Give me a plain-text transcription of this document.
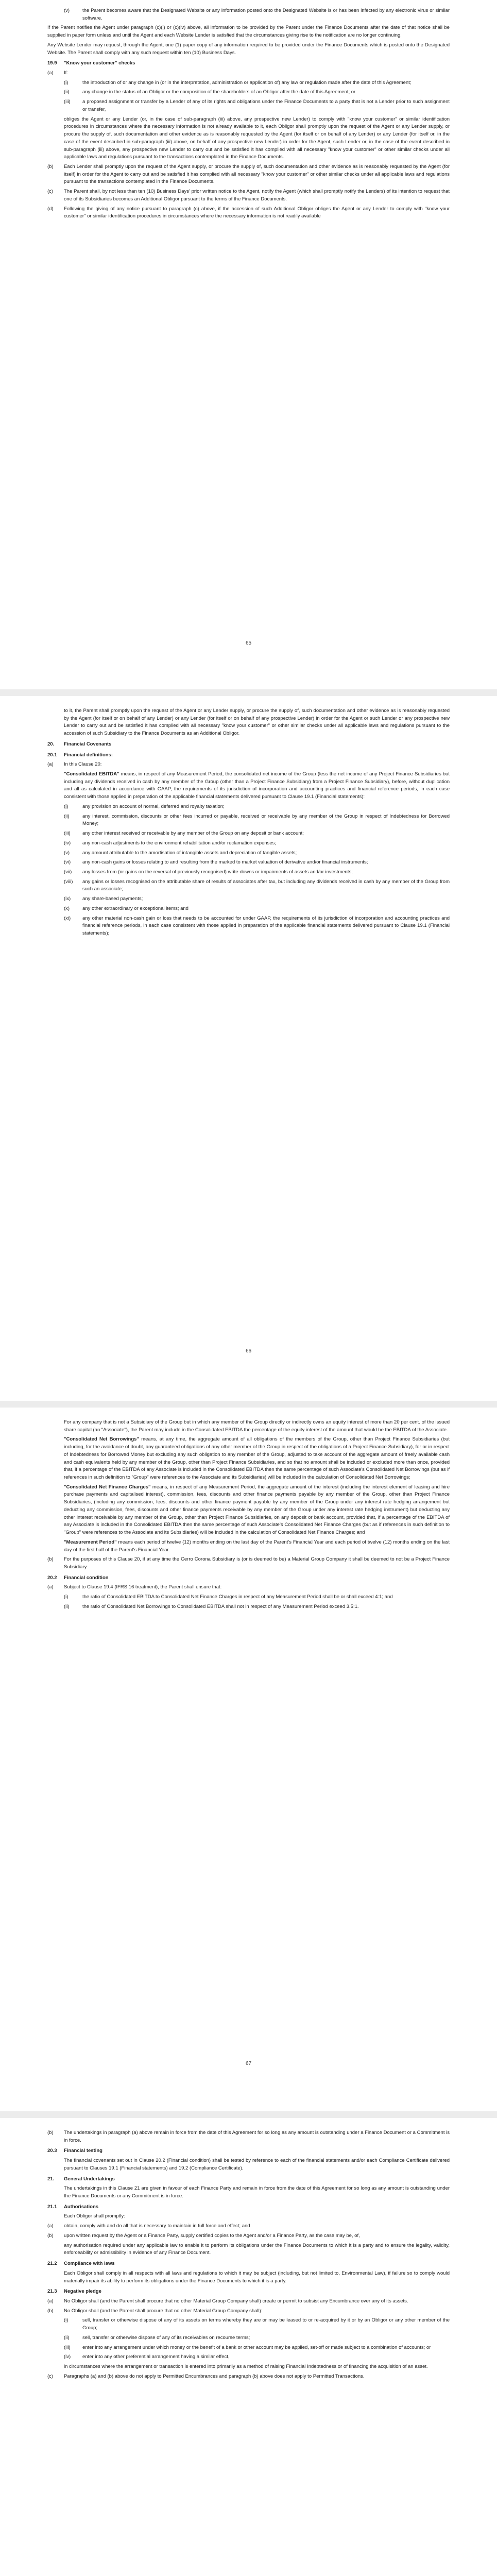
(v)	the Parent becomes aware that the Designated Website or any information posted onto the Designated Website is or has been infected by any electronic virus or similar software.

If the Parent notifies the Agent under paragraph (c)(i) or (c)(iv) above, all information to be provided by the Parent under the Finance Documents after the date of that notice shall be supplied in paper form unless and until the Agent and each Website Lender is satisfied that the circumstances giving rise to the notification are no longer continuing.

Any Website Lender may request, through the Agent, one (1) paper copy of any information required to be provided under the Finance Documents which is posted onto the Designated Website. The Parent shall comply with any such request within ten (10) Business Days.

19.9	"Know your customer" checks
(a)	If:
(i)	the introduction of or any change in (or in the interpretation, administration or application of) any law or regulation made after the date of this Agreement;
(ii)	any change in the status of an Obligor or the composition of the shareholders of an Obligor after the date of this Agreement; or
(iii)	a proposed assignment or transfer by a Lender of any of its rights and obligations under the Finance Documents to a party that is not a Lender prior to such assignment or transfer,

obliges the Agent or any Lender (or, in the case of sub-paragraph (iii) above, any prospective new Lender) to comply with "know your customer" or similar identification procedures in circumstances where the necessary information is not already available to it, each Obligor shall promptly upon the request of the Agent or any Lender supply, or procure the supply of, such documentation and other evidence as is reasonably requested by the Agent (for itself or on behalf of any Lender) or any Lender (for itself or, in the case of the event described in sub-paragraph (iii) above, on behalf of any prospective new Lender) in order for the Agent, such Lender or, in the case of the event described in sub-paragraph (iii) above, any prospective new Lender to carry out and be satisfied it has complied with all necessary "know your customer" or other similar checks under all applicable laws and regulations pursuant to the transactions contemplated in the Finance Documents.

(b)	Each Lender shall promptly upon the request of the Agent supply, or procure the supply of, such documentation and other evidence as is reasonably requested by the Agent (for itself) in order for the Agent to carry out and be satisfied it has complied with all necessary "know your customer" or other similar checks under all applicable laws and regulations pursuant to the transactions contemplated in the Finance Documents.
(c)	The Parent shall, by not less than ten (10) Business Days' prior written notice to the Agent, notify the Agent (which shall promptly notify the Lenders) of its intention to request that one of its Subsidiaries becomes an Additional Obligor pursuant to the terms of the Finance Documents.
(d)	Following the giving of any notice pursuant to paragraph (c) above, if the accession of such Additional Obligor obliges the Agent or any Lender to comply with "know your customer" or similar identification procedures in circumstances where the necessary information is not readily available
65

to it, the Parent shall promptly upon the request of the Agent or any Lender supply, or procure the supply of, such documentation and other evidence as is reasonably requested by the Agent (for itself or on behalf of any Lender) or any Lender (for itself or on behalf of any prospective Lender) in order for the Agent or such Lender or any prospective new Lender to carry out and be satisfied it has complied with all necessary "know your customer" or other similar checks under all applicable laws and regulations pursuant to the accession of such Subsidiary to the Finance Documents as an Additional Obligor.

20.	Financial Covenants
20.1	Financial definitions:
(a)	In this Clause 20:

"Consolidated EBITDA" means, in respect of any Measurement Period, the consolidated net income of the Group (less the net income of any Project Finance Subsidiaries but including any dividends received in cash by any member of the Group (other than a Project Finance Subsidiary) from a Project Finance Subsidiary), before, without duplication and all as calculated in accordance with GAAP, the requirements of its jurisdiction of incorporation and accounting practices and financial reference periods, in each case consistent with those applied in preparation of the applicable financial statements delivered pursuant to Clause 19.1 (Financial statements):

(i)	any provision on account of normal, deferred and royalty taxation;
(ii)	any interest, commission, discounts or other fees incurred or payable, received or receivable by any member of the Group in respect of Indebtedness for Borrowed Money;
(iii)	any other interest received or receivable by any member of the Group on any deposit or bank account;
(iv)	any non-cash adjustments to the environment rehabilitation and/or reclamation expenses;
(v)	any amount attributable to the amortisation of intangible assets and depreciation of tangible assets;
(vi)	any non-cash gains or losses relating to and resulting from the marked to market valuation of derivative and/or financial instruments;
(vii)	any losses from (or gains on the reversal of previously recognised) write-downs or impairments of assets and/or investments;
(viii)	any gains or losses recognised on the attributable share of results of associates after tax, but including any dividends received in cash by any member of the Group from such an associate;
(ix)	any share-based payments;
(x)	any other extraordinary or exceptional items; and
(xi)	any other material non-cash gain or loss that needs to be accounted for under GAAP, the requirements of its jurisdiction of incorporation and accounting practices and financial reference periods, in each case consistent with those applied in preparation of the applicable financial statements delivered pursuant to Clause 19.1 (Financial statements);
66

For any company that is not a Subsidiary of the Group but in which any member of the Group directly or indirectly owns an equity interest of more than 20 per cent. of the issued share capital (an "Associate"), the Parent may include in the Consolidated EBITDA the percentage of the equity interest of the amount that would be the EBITDA of the Associate.

"Consolidated Net Borrowings" means, at any time, the aggregate amount of all obligations of the members of the Group, other than Project Finance Subsidiaries (but including, for the avoidance of doubt, any guaranteed obligations of any other member of the Group in respect of the obligations of a Project Finance Subsidiary), for or in respect of Indebtedness for Borrowed Money but excluding any such obligation to any member of the Group, adjusted to take account of the aggregate amount of freely available cash and cash equivalents held by any member of the Group, other than Project Finance Subsidiaries, and so that no amount shall be included or excluded more than once, provided that, if a percentage of the EBITDA of any Associate is included in the Consolidated EBITDA then the same percentage of such Associate's Consolidated Net Borrowings (but as if references in such definition to "Group" were references to the Associate and its Subsidiaries) will be included in the calculation of Consolidated Net Borrowings;

"Consolidated Net Finance Charges" means, in respect of any Measurement Period, the aggregate amount of the interest (including the interest element of leasing and hire purchase payments and capitalised interest), commission, fees, discounts and other finance payments payable by any member of the Group, other than Project Finance Subsidiaries, (including any commission, fees, discounts and other finance payment payable by any member of the Group under any interest rate hedging arrangement but deducting any commission, fees, discounts and other finance payments receivable by any member of the Group under any interest rate hedging instrument) but deducting any other interest receivable by any member of the Group, other than Project Finance Subsidiaries, on any deposit or bank account, provided that, if a percentage of the EBITDA of any Associate is included in the Consolidated EBITDA then the same percentage of such Associate's Consolidated Net Finance Charges (but as if references in such definition to "Group" were references to the Associate and its Subsidiaries) will be included in the calculation of Consolidated Net Finance Charges; and

"Measurement Period" means each period of twelve (12) months ending on the last day of the Parent's Financial Year and each period of twelve (12) months ending on the last day of the first half of the Parent's Financial Year.

(b)	For the purposes of this Clause 20, if at any time the Cerro Corona Subsidiary is (or is deemed to be) a Material Group Company it shall be deemed to not be a Project Finance Subsidiary.
20.2	Financial condition
(a)	Subject to Clause 19.4 (IFRS 16 treatment), the Parent shall ensure that:
(i)	the ratio of Consolidated EBITDA to Consolidated Net Finance Charges in respect of any Measurement Period shall be or shall exceed 4:1; and
(ii)	the ratio of Consolidated Net Borrowings to Consolidated EBITDA shall not in respect of any Measurement Period exceed 3.5:1.
67
(b)	The undertakings in paragraph (a) above remain in force from the date of this Agreement for so long as any amount is outstanding under a Finance Document or a Commitment is in force.
20.3	Financial testing

The financial covenants set out in Clause 20.2 (Financial condition) shall be tested by reference to each of the financial statements and/or each Compliance Certificate delivered pursuant to Clauses 19.1 (Financial statements) and 19.2 (Compliance Certificate).

21.	General Undertakings

The undertakings in this Clause 21 are given in favour of each Finance Party and remain in force from the date of this Agreement for so long as any amount is outstanding under the Finance Documents or any Commitment is in force.

21.1	Authorisations

Each Obligor shall promptly:

(a)	obtain, comply with and do all that is necessary to maintain in full force and effect; and
(b)	upon written request by the Agent or a Finance Party, supply certified copies to the Agent and/or a Finance Party, as the case may be, of,

any authorisation required under any applicable law to enable it to perform its obligations under the Finance Documents to which it is a party and to ensure the legality, validity, enforceability or admissibility in evidence of any Finance Document.

21.2	Compliance with laws

Each Obligor shall comply in all respects with all laws and regulations to which it may be subject (including, but not limited to, Environmental Law), if failure so to comply would materially impair its ability to perform its obligations under the Finance Documents to which it is a party.

21.3	Negative pledge
(a)	No Obligor shall (and the Parent shall procure that no other Material Group Company shall) create or permit to subsist any Encumbrance over any of its assets.
(b)	No Obligor shall (and the Parent shall procure that no other Material Group Company shall):
(i)	sell, transfer or otherwise dispose of any of its assets on terms whereby they are or may be leased to or re-acquired by it or by an Obligor or any other member of the Group;
(ii)	sell, transfer or otherwise dispose of any of its receivables on recourse terms;
(iii)	enter into any arrangement under which money or the benefit of a bank or other account may be applied, set-off or made subject to a combination of accounts; or
(iv)	enter into any other preferential arrangement having a similar effect,

in circumstances where the arrangement or transaction is entered into primarily as a method of raising Financial Indebtedness or of financing the acquisition of an asset.

(c)	Paragraphs (a) and (b) above do not apply to Permitted Encumbrances and paragraph (b) above does not apply to Permitted Transactions.
